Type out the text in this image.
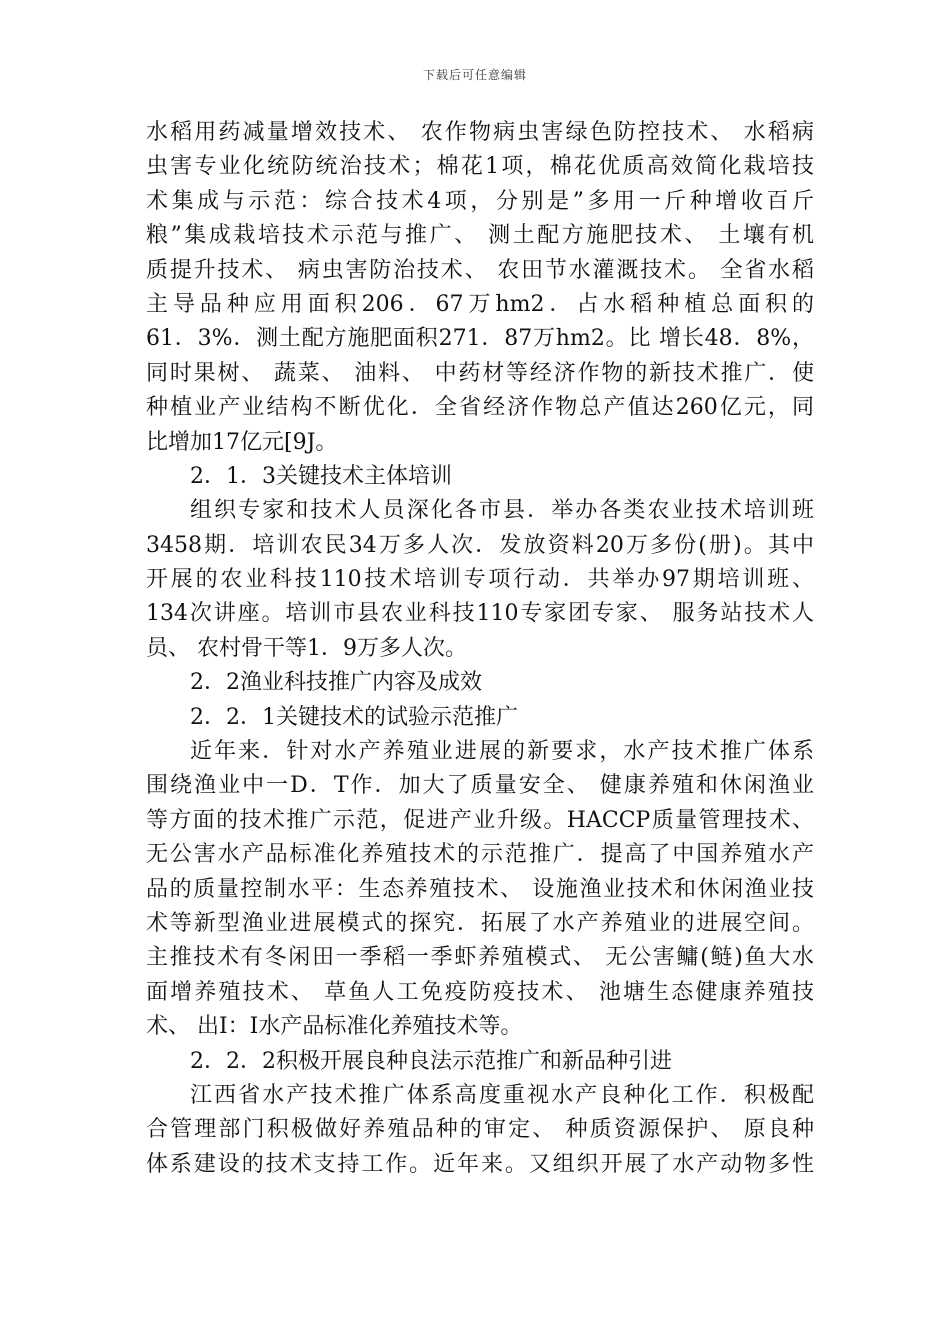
下载后可任意编辑
水稻用药减量增效技术、 农作物病虫害绿色防控技术、 水稻病
虫害专业化统防统治技术；棉花1项，棉花优质高效简化栽培技
术集成与示范：综合技术4项，分别是”多用一斤种增收百斤
粮”集成栽培技术示范与推广、 测土配方施肥技术、 土壤有机
质提升技术、 病虫害防治技术、 农田节水灌溉技术。 全省水稻
主导品种应用面积206．67万hm2．占水稻种植总面积的
61．3%．测土配方施肥面积271．87万hm2。比 增长48．8%，
同时果树、 蔬菜、 油料、 中药材等经济作物的新技术推广．使
种植业产业结构不断优化．全省经济作物总产值达260亿元，同
比增加17亿元[9J。
2．1．3关键技术主体培训
组织专家和技术人员深化各市县．举办各类农业技术培训班
3458期．培训农民34万多人次．发放资料20万多份(册)。其中
开展的农业科技110技术培训专项行动．共举办97期培训班、
134次讲座。培训市县农业科技110专家团专家、 服务站技术人
员、 农村骨干等1．9万多人次。
2．2渔业科技推广内容及成效
2．2．1关键技术的试验示范推广
近年来．针对水产养殖业进展的新要求，水产技术推广体系
围绕渔业中一D．T作．加大了质量安全、 健康养殖和休闲渔业
等方面的技术推广示范，促进产业升级。HACCP质量管理技术、
无公害水产品标准化养殖技术的示范推广．提高了中国养殖水产
品的质量控制水平：生态养殖技术、 设施渔业技术和休闲渔业技
术等新型渔业进展模式的探究．拓展了水产养殖业的进展空间。
主推技术有冬闲田一季稻一季虾养殖模式、 无公害鳙(鲢)鱼大水
面增养殖技术、 草鱼人工免疫防疫技术、 池塘生态健康养殖技
术、 出I：I水产品标准化养殖技术等。
2．2．2积极开展良种良法示范推广和新品种引进
江西省水产技术推广体系高度重视水产良种化工作．积极配
合管理部门积极做好养殖品种的审定、 种质资源保护、 原良种
体系建设的技术支持工作。近年来。又组织开展了水产动物多性
